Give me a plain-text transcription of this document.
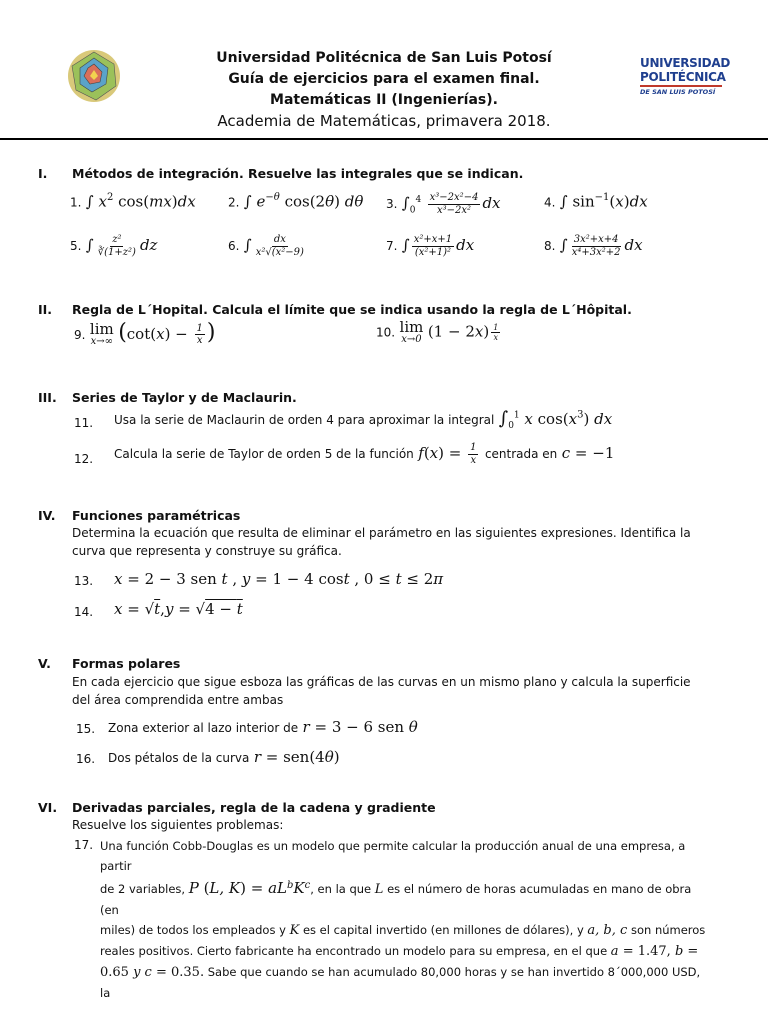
UNIVERSIDAD
POLITÉCNICA
DE SAN LUIS POTOSÍ
Universidad Politécnica de San Luis Potosí
Guía de ejercicios para el examen final.
Matemáticas II (Ingenierías).
Academia de Matemáticas, primavera 2018.
I. Métodos de integración. Resuelve las integrales que se indican.
1. ∫ $x^2$ cos(mx)dx	2. ∫ $e^{-\theta}$ cos(2θ) dθ 3. $\int_0^4 \frac{\text{x³−2x²−4}}{\text{x³−2x²}}$ dx	4. ∫ $\sin^{-1}(x)dx$
5. ∫ $\frac{\text{z²}}{\text{∛(1+z²)}}$ dz	6. ∫ $\frac{dx}{\text{x²√(x²−9)}}$	7. ∫ $\frac{\text{x²+x+1}}{\text{(x²+1)²}}$ dx	8. ∫ $\frac{\text{3x²+x+4}}{\text{x⁴+3x²+2}}$ dx
II. Regla de L´Hopital. Calcula el límite que se indica usando la regla de L´Hôpital.
9. lim
x→∞ ($\cot(x) - \frac{1}{x}$ )	10. lim
x→0 $(1 - 2x) \frac{1}{x}$
III. Series de Taylor y de Maclaurin.
11. Usa la serie de Maclaurin de orden 4 para aproximar la integral $\int_0^1$ x $\cos(x^3)$ dx
12. Calcula la serie de Taylor de orden 5 de la función $f(x) = \frac{1}{x}$ centrada en c = −1
IV. Funciones paramétricas
Determina la ecuación que resulta de eliminar el parámetro en las siguientes expresiones. Identifica la curva que representa y construye su gráfica.
13. x = 2 − 3 sen t , y = 1 − 4 cost , 0 ≤ t ≤ 2π
14. $x = √t,y = √4 - \overline{t}$
V. Formas polares
En cada ejercicio que sigue esboza las gráficas de las curvas en un mismo plano y calcula la superficie del área comprendida entre ambas
15. Zona exterior al lazo interior de r = 3 − 6 sen θ
16. Dos pétalos de la curva r = sen(4θ)
VI. Derivadas parciales, regla de la cadena y gradiente
Resuelve los siguientes problemas:
17. Una función Cobb-Douglas es un modelo que permite calcular la producción anual de una empresa, a partir
de 2 variables, P (L, $K) = aL^bK^c$, en la que L es el número de horas acumuladas en mano de obra (en
miles) de todos los empleados y K es el capital invertido (en millones de dólares), y a, b, c son números
reales positivos. Cierto fabricante ha encontrado un modelo para su empresa, en el que a = 1.47, b =
0.65 y c = 0.35. Sabe que cuando se han acumulado 80,000 horas y se han invertido 8´000,000 USD, la
